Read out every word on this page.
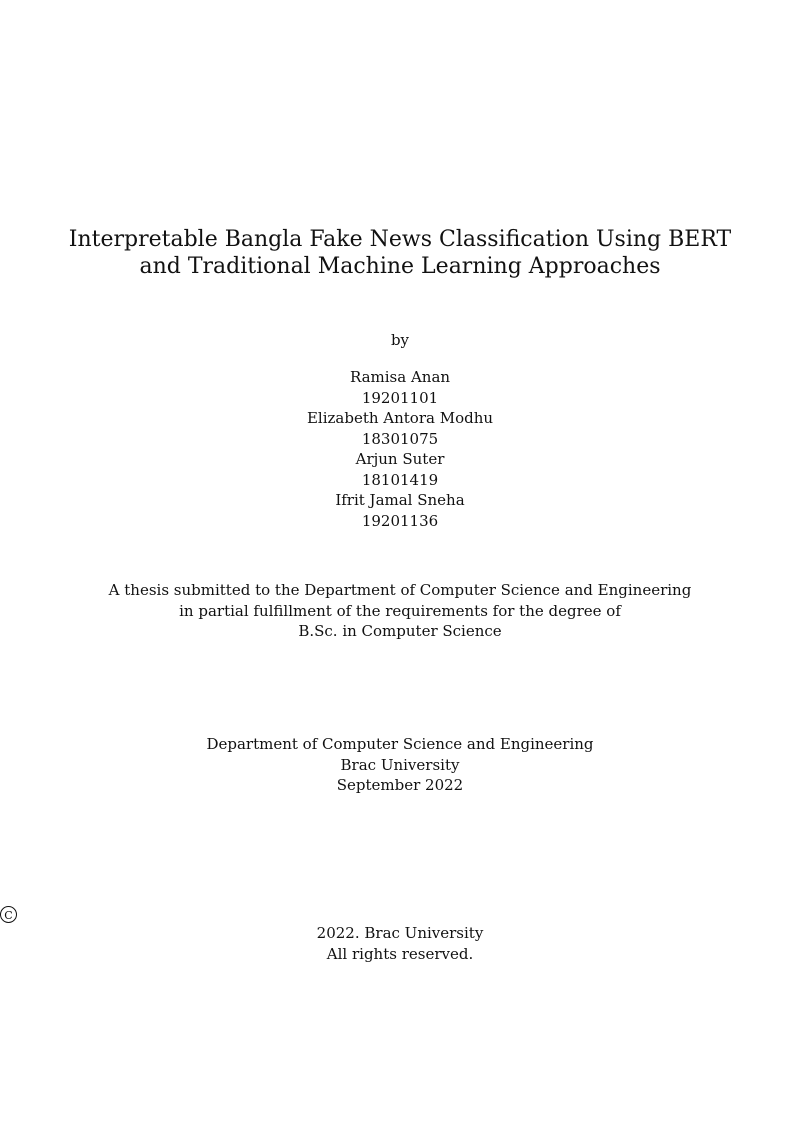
Interpretable Bangla Fake News Classification Using BERT
and Traditional Machine Learning Approaches
by
Ramisa Anan
19201101
Elizabeth Antora Modhu
18301075
Arjun Suter
18101419
Ifrit Jamal Sneha
19201136
A thesis submitted to the Department of Computer Science and Engineering
in partial fulfillment of the requirements for the degree of
B.Sc. in Computer Science
Department of Computer Science and Engineering
Brac University
September 2022
C
2022. Brac University
All rights reserved.
